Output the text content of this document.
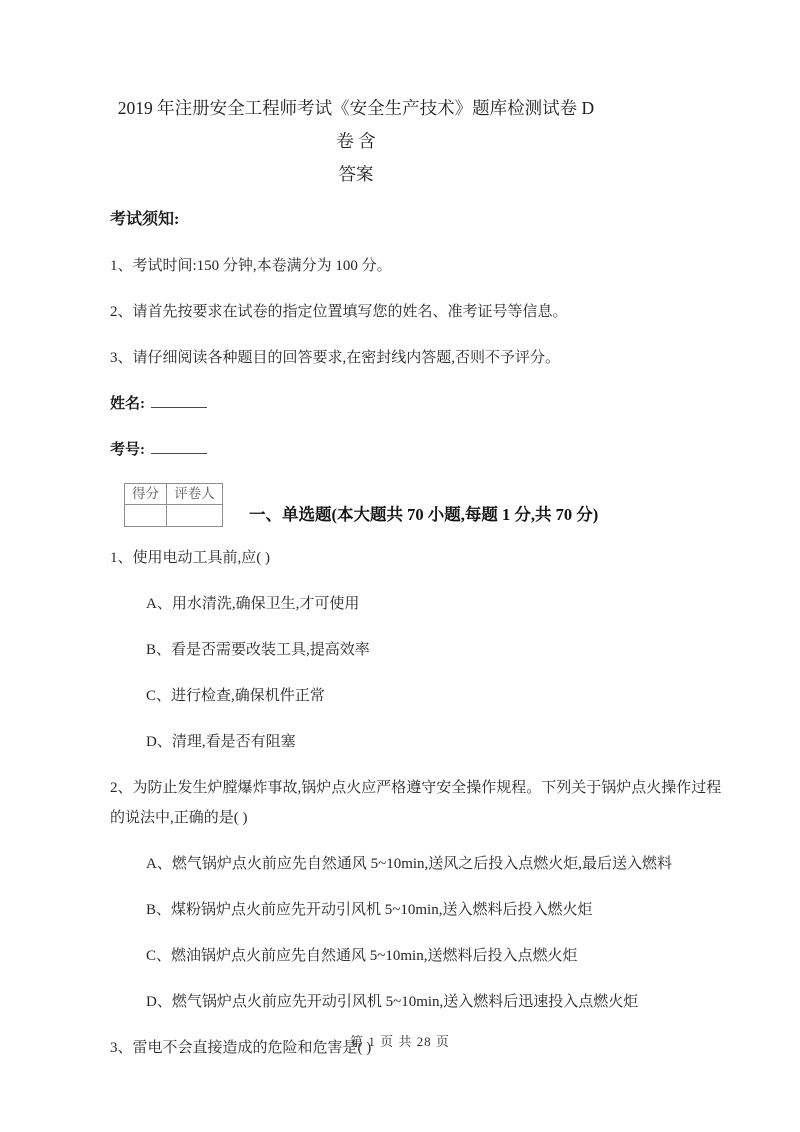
2019 年注册安全工程师考试《安全生产技术》题库检测试卷 D 卷 含
答案
考试须知:

1、考试时间:150 分钟,本卷满分为 100 分。

2、请首先按要求在试卷的指定位置填写您的姓名、准考证号等信息。

3、请仔细阅读各种题目的回答要求,在密封线内答题,否则不予评分。

姓名:

考号:

得分	评卷人

一、单选题(本大题共 70 小题,每题 1 分,共 70 分)

1、使用电动工具前,应( )

A、用水清洗,确保卫生,才可使用

B、看是否需要改装工具,提高效率

C、进行检查,确保机件正常

D、清理,看是否有阻塞

2、为防止发生炉膛爆炸事故,锅炉点火应严格遵守安全操作规程。下列关于锅炉点火操作过程的说法中,正确的是( )

A、燃气锅炉点火前应先自然通风 5~10min,送风之后投入点燃火炬,最后送入燃料

B、煤粉锅炉点火前应先开动引风机 5~10min,送入燃料后投入燃火炬

C、燃油锅炉点火前应先自然通风 5~10min,送燃料后投入点燃火炬

D、燃气锅炉点火前应先开动引风机 5~10min,送入燃料后迅速投入点燃火炬

3、雷电不会直接造成的危险和危害是( )

第 1 页 共 28 页
